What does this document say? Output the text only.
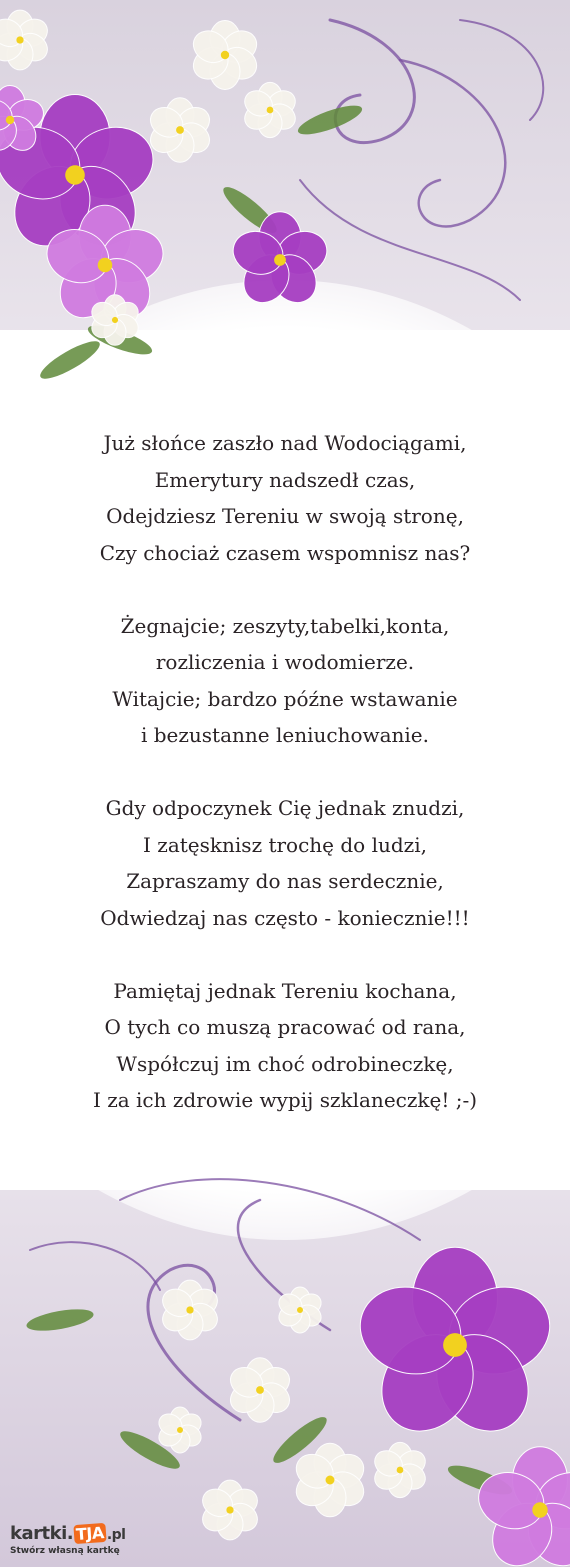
Już słońce zaszło nad Wodociągami,
Emerytury nadszedł czas,
Odejdziesz Tereniu w swoją stronę,
Czy chociaż czasem wspomnisz nas?
Żegnajcie; zeszyty,tabelki,konta,
rozliczenia i wodomierze.
Witajcie; bardzo późne wstawanie
i bezustanne leniuchowanie.
Gdy odpoczynek Cię jednak znudzi,
I zatęsknisz trochę do ludzi,
Zapraszamy do nas serdecznie,
Odwiedzaj nas często - koniecznie!!!
Pamiętaj jednak Tereniu kochana,
O tych co muszą pracować od rana,
Współczuj im choć odrobineczkę,
I za ich zdrowie wypij szklaneczkę! ;-)
kartki. TJA .pl
Stwórz własną kartkę
